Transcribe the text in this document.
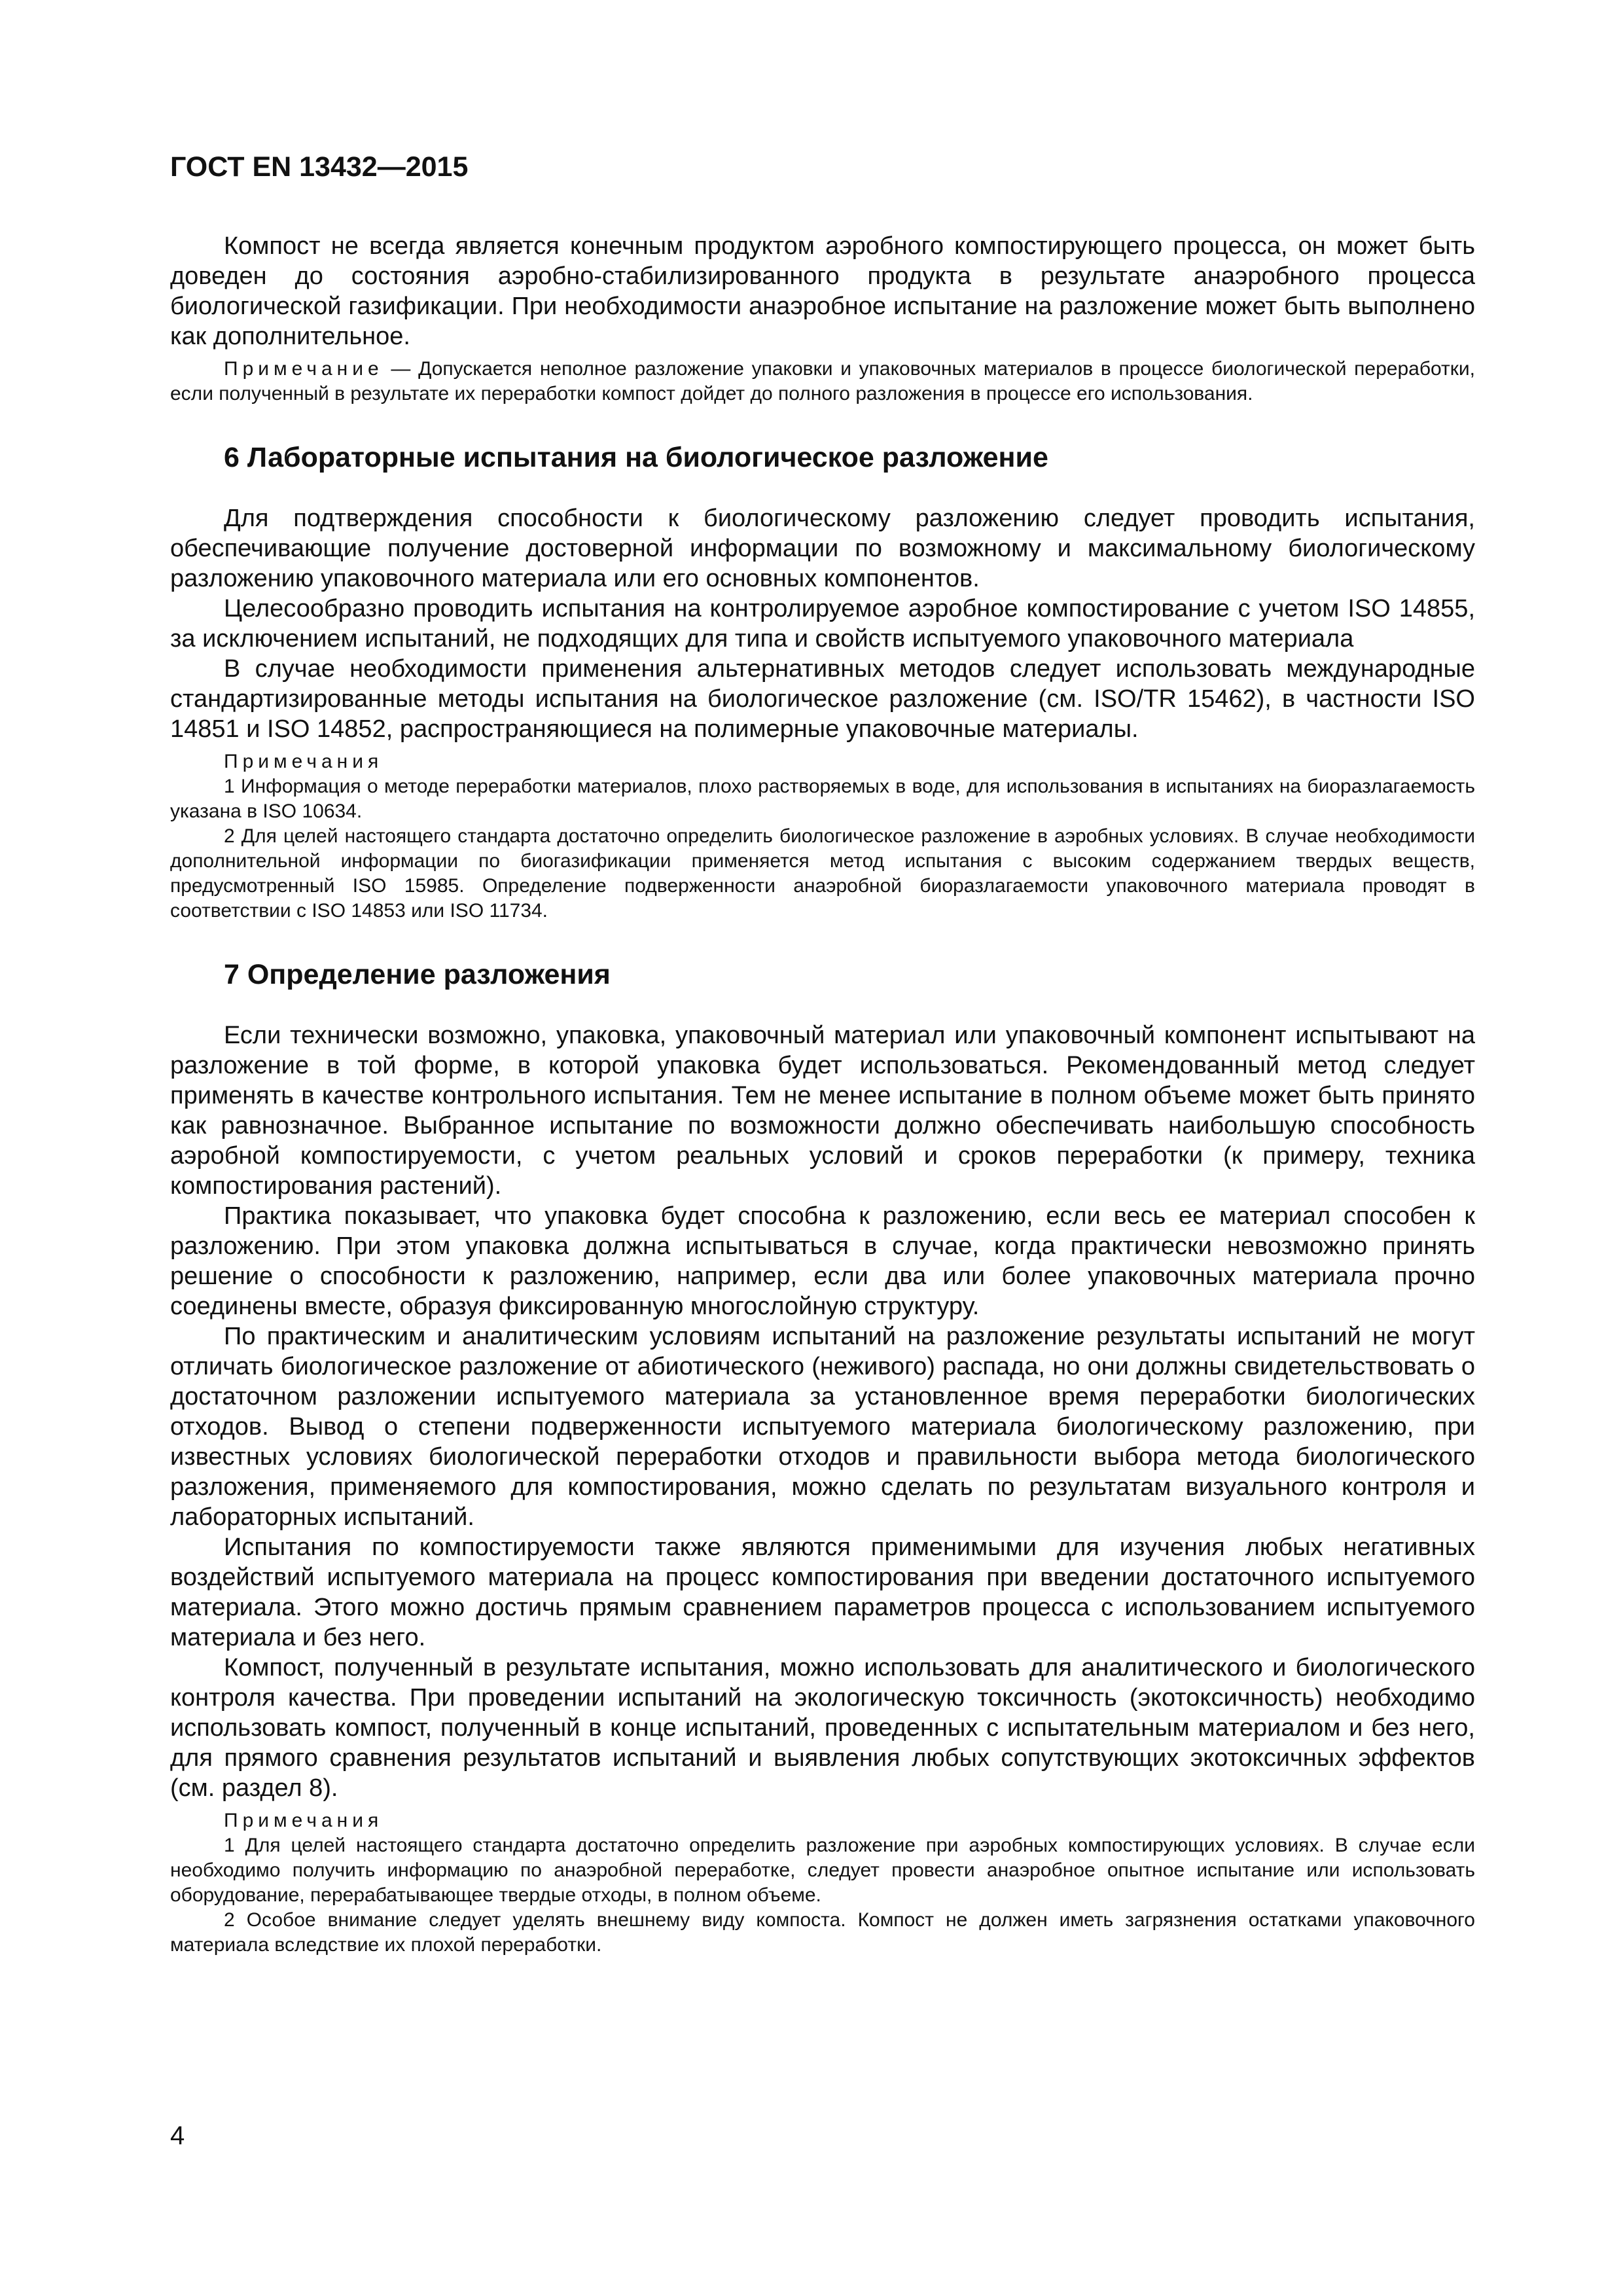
ГОСТ EN 13432—2015

Компост не всегда является конечным продуктом аэробного компостирующего процесса, он может быть доведен до состояния аэробно-стабилизированного продукта в результате анаэробного процесса биологической газификации. При необходимости анаэробное испытание на разложение может быть выполнено как дополнительное.

Примечание — Допускается неполное разложение упаковки и упаковочных материалов в процессе биологической переработки, если полученный в результате их переработки компост дойдет до полного разложения в процессе его использования.
6 Лабораторные испытания на биологическое разложение

Для подтверждения способности к биологическому разложению следует проводить испытания, обеспечивающие получение достоверной информации по возможному и максимальному биологическому разложению упаковочного материала или его основных компонентов.

Целесообразно проводить испытания на контролируемое аэробное компостирование с учетом ISO 14855, за исключением испытаний, не подходящих для типа и свойств испытуемого упаковочного материала

В случае необходимости применения альтернативных методов следует использовать международные стандартизированные методы испытания на биологическое разложение (см. ISO/TR 15462), в частности ISO 14851 и ISO 14852, распространяющиеся на полимерные упаковочные материалы.

Примечания

1 Информация о методе переработки материалов, плохо растворяемых в воде, для использования в испытаниях на биоразлагаемость указана в ISO 10634.

2 Для целей настоящего стандарта достаточно определить биологическое разложение в аэробных условиях. В случае необходимости дополнительной информации по биогазификации применяется метод испытания с высоким содержанием твердых веществ, предусмотренный ISO 15985. Определение подверженности анаэробной биоразлагаемости упаковочного материала проводят в соответствии с ISO 14853 или ISO 11734.

7 Определение разложения

Если технически возможно, упаковка, упаковочный материал или упаковочный компонент испытывают на разложение в той форме, в которой упаковка будет использоваться. Рекомендованный метод следует применять в качестве контрольного испытания. Тем не менее испытание в полном объеме может быть принято как равнозначное. Выбранное испытание по возможности должно обеспечивать наибольшую способность аэробной компостируемости, с учетом реальных условий и сроков переработки (к примеру, техника компостирования растений).

Практика показывает, что упаковка будет способна к разложению, если весь ее материал способен к разложению. При этом упаковка должна испытываться в случае, когда практически невозможно принять решение о способности к разложению, например, если два или более упаковочных материала прочно соединены вместе, образуя фиксированную многослойную структуру.

По практическим и аналитическим условиям испытаний на разложение результаты испытаний не могут отличать биологическое разложение от абиотического (неживого) распада, но они должны свидетельствовать о достаточном разложении испытуемого материала за установленное время переработки биологических отходов. Вывод о степени подверженности испытуемого материала биологическому разложению, при известных условиях биологической переработки отходов и правильности выбора метода биологического разложения, применяемого для компостирования, можно сделать по результатам визуального контроля и лабораторных испытаний.

Испытания по компостируемости также являются применимыми для изучения любых негативных воздействий испытуемого материала на процесс компостирования при введении достаточного испытуемого материала. Этого можно достичь прямым сравнением параметров процесса с использованием испытуемого материала и без него.

Компост, полученный в результате испытания, можно использовать для аналитического и биологического контроля качества. При проведении испытаний на экологическую токсичность (экотоксичность) необходимо использовать компост, полученный в конце испытаний, проведенных с испытательным материалом и без него, для прямого сравнения результатов испытаний и выявления любых сопутствующих экотоксичных эффектов (см. раздел 8).

Примечания

1 Для целей настоящего стандарта достаточно определить разложение при аэробных компостирующих условиях. В случае если необходимо получить информацию по анаэробной переработке, следует провести анаэробное опытное испытание или использовать оборудование, перерабатывающее твердые отходы, в полном объеме.

2 Особое внимание следует уделять внешнему виду компоста. Компост не должен иметь загрязнения остатками упаковочного материала вследствие их плохой переработки.

4
